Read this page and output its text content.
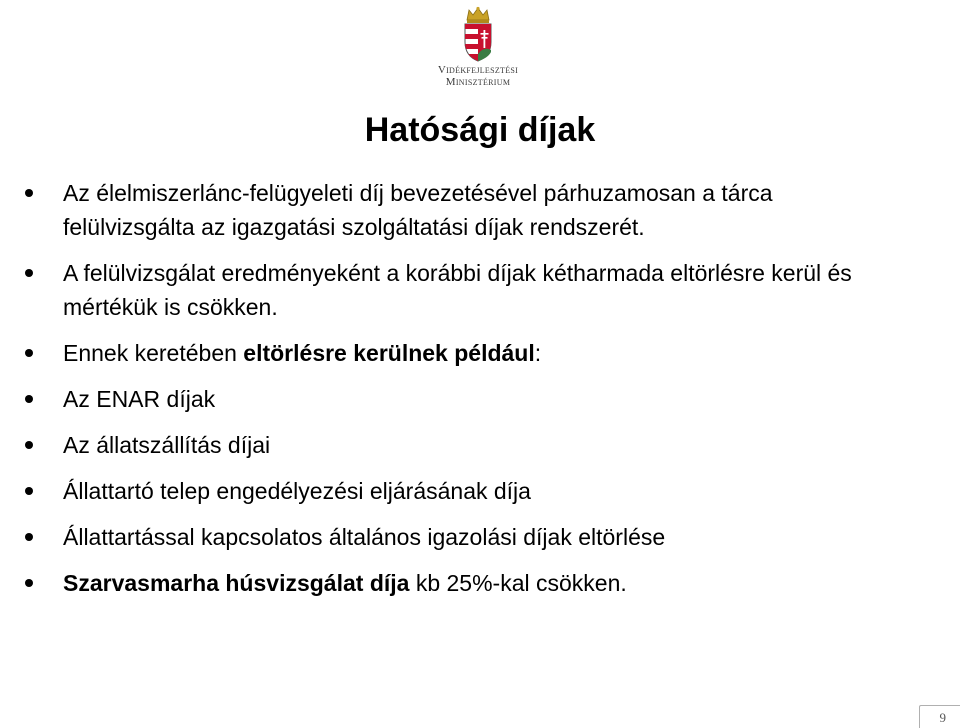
Vidékfejlesztési
Minisztérium
Hatósági díjak
Az élelmiszerlánc-felügyeleti díj bevezetésével párhuzamosan a tárca felülvizsgálta az igazgatási szolgáltatási díjak rendszerét.
A felülvizsgálat eredményeként a korábbi díjak kétharmada eltörlésre kerül és mértékük is csökken.
Ennek keretében eltörlésre kerülnek például:
Az ENAR díjak
Az állatszállítás díjai
Állattartó telep engedélyezési eljárásának díja
Állattartással kapcsolatos általános igazolási díjak eltörlése
Szarvasmarha húsvizsgálat díja kb 25%-kal csökken.
9
